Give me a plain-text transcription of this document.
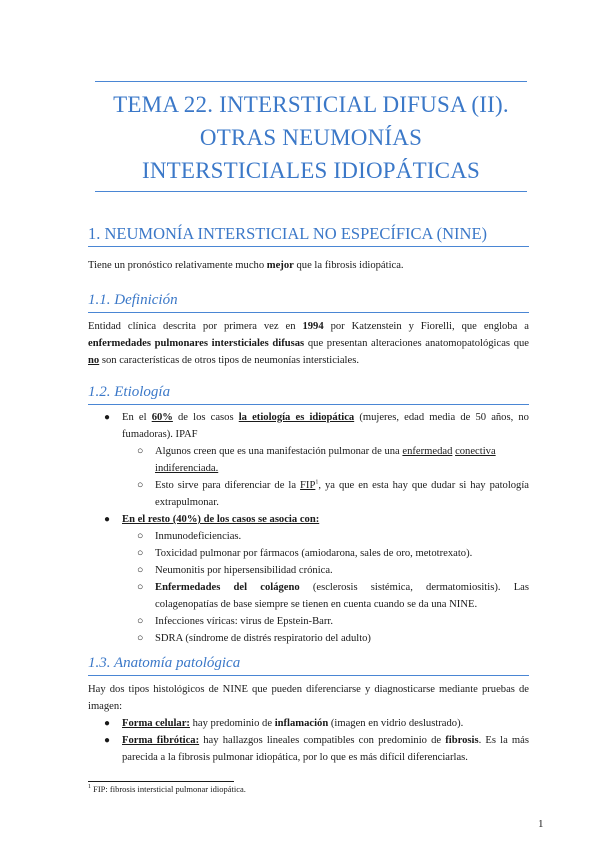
TEMA 22. INTERSTICIAL DIFUSA (II).
OTRAS NEUMONÍAS
INTERSTICIALES IDIOPÁTICAS
1. NEUMONÍA INTERSTICIAL NO ESPECÍFICA (NINE)
Tiene un pronóstico relativamente mucho mejor que la fibrosis idiopática.
1.1. Definición
Entidad clínica descrita por primera vez en 1994 por Katzenstein y Fiorelli, que engloba a enfermedades pulmonares intersticiales difusas que presentan alteraciones anatomopatológicas que no son características de otros tipos de neumonías intersticiales.
1.2. Etiología
● En el 60% de los casos la etiología es idiopática (mujeres, edad media de 50 años, no fumadoras). IPAF
○ Algunos creen que es una manifestación pulmonar de una enfermedad conectiva
indiferenciada.
○ Esto sirve para diferenciar de la FIP$^1$, ya que en esta hay que dudar si hay patología extrapulmonar.
● En el resto (40%) de los casos se asocia con:
○ Inmunodeficiencias.
○ Toxicidad pulmonar por fármacos (amiodarona, sales de oro, metotrexato).
○ Neumonitis por hipersensibilidad crónica.
○ Enfermedades del colágeno (esclerosis sistémica, dermatomiositis). Las colagenopatías de base siempre se tienen en cuenta cuando se da una NINE.
○ Infecciones víricas: virus de Epstein-Barr.
○ SDRA (síndrome de distrés respiratorio del adulto)
1.3. Anatomía patológica
Hay dos tipos histológicos de NINE que pueden diferenciarse y diagnosticarse mediante pruebas de imagen:
● Forma celular: hay predominio de inflamación (imagen en vidrio deslustrado).
● Forma fibrótica: hay hallazgos lineales compatibles con predominio de fibrosis. Es la más parecida a la fibrosis pulmonar idiopática, por lo que es más difícil diferenciarlas.
$^1$ FIP: fibrosis intersticial pulmonar idiopática.
1
